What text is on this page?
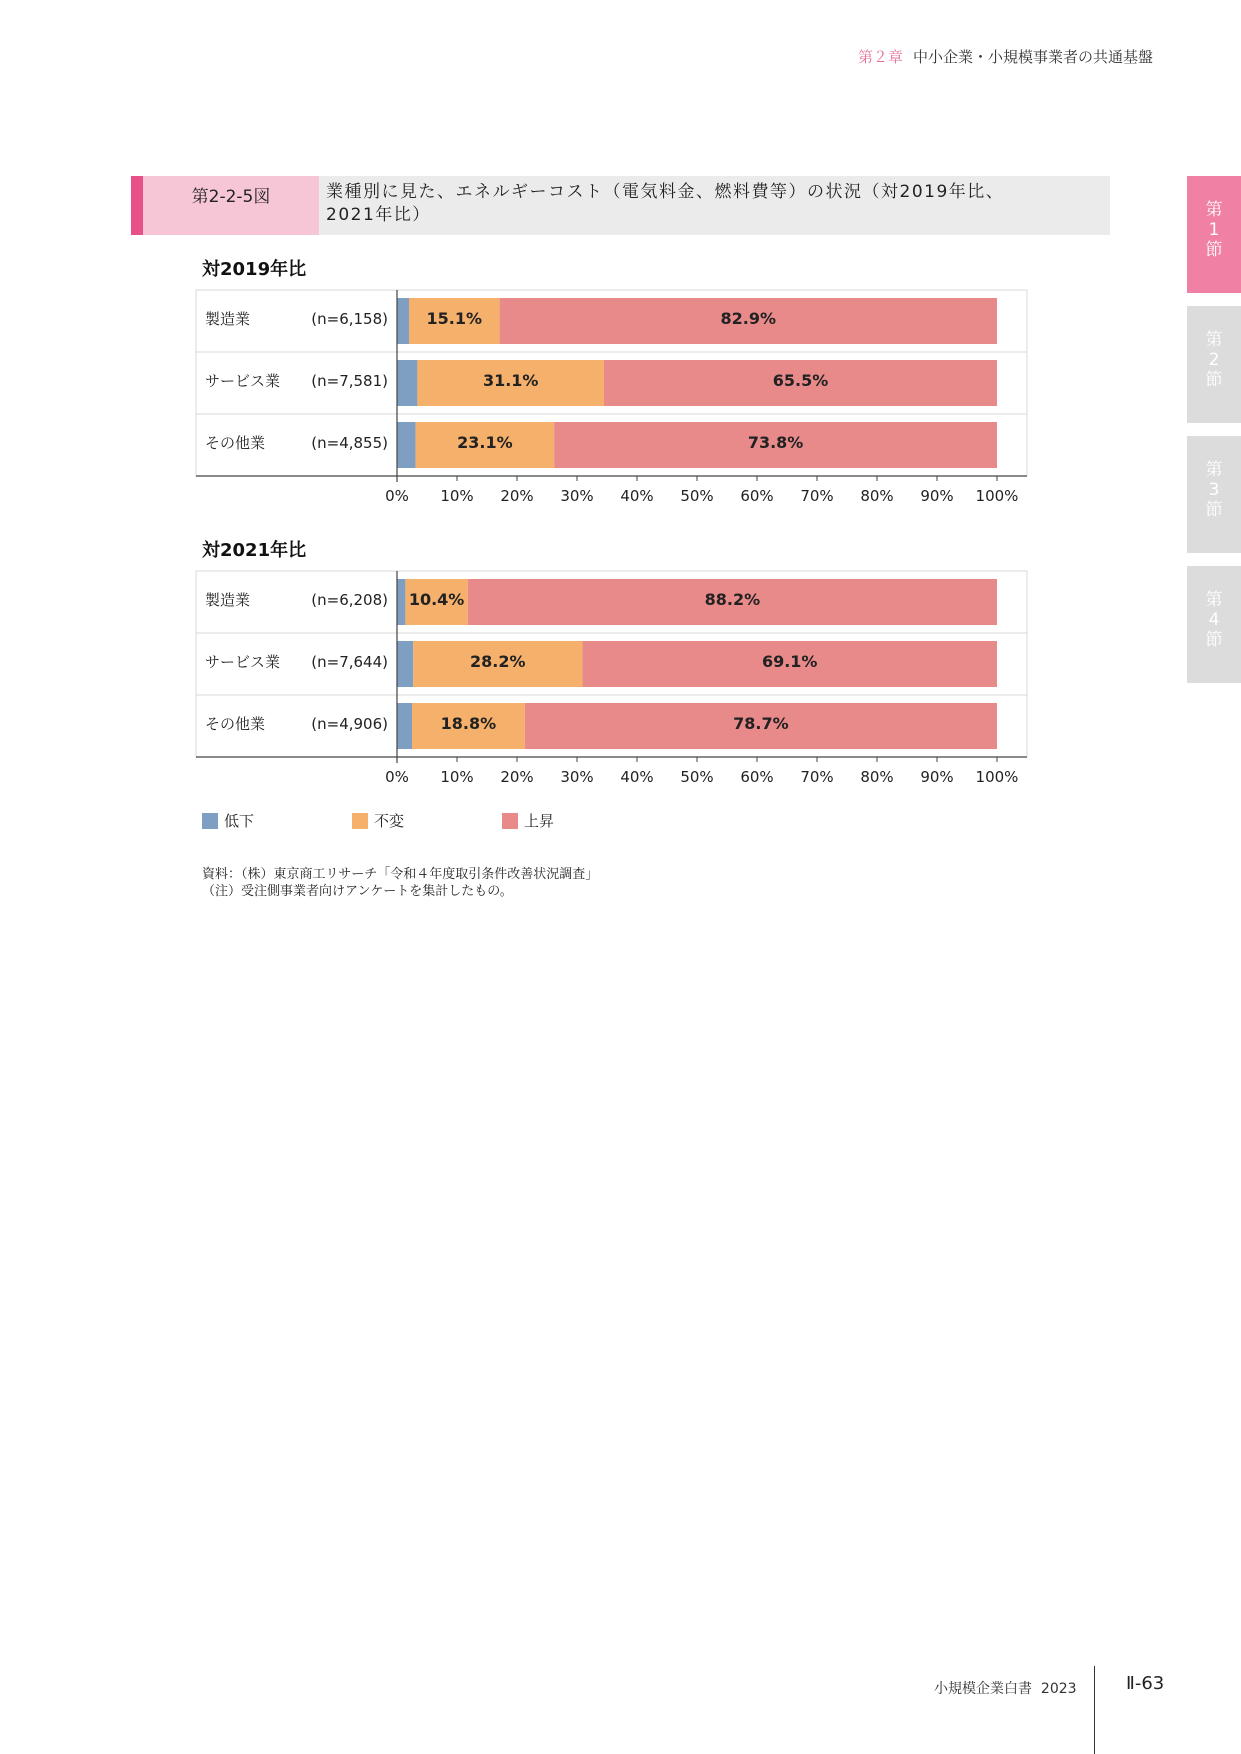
第２章 中小企業・小規模事業者の共通基盤
第2-2-5図	業種別に見た、エネルギーコスト（電気料金、燃料費等）の状況（対2019年比、
2021年比）	第1節
第2節
第3節
第4節
対2019年比
製造業	(n=6,158) 15.1%	82.9%
サービス業 (n=7,581)	31.1%	65.5%
その他業	(n=4,855)	23.1%	73.8%
0% 10% 20% 30% 40% 50% 60% 70% 80% 90% 100%
対2021年比
製造業	(n=6,208) 10.4%	88.2%
サービス業 (n=7,644)	28.2%	69.1%
その他業	(n=4,906)	18.8%	78.7%
0% 10% 20% 30% 40% 50% 60% 70% 80% 90% 100%
低下	不変	上昇
資料：（株）東京商工リサーチ「令和４年度取引条件改善状況調査」
（注）受注側事業者向けアンケートを集計したもの。
小規模企業白書 2023	Ⅱ-63
